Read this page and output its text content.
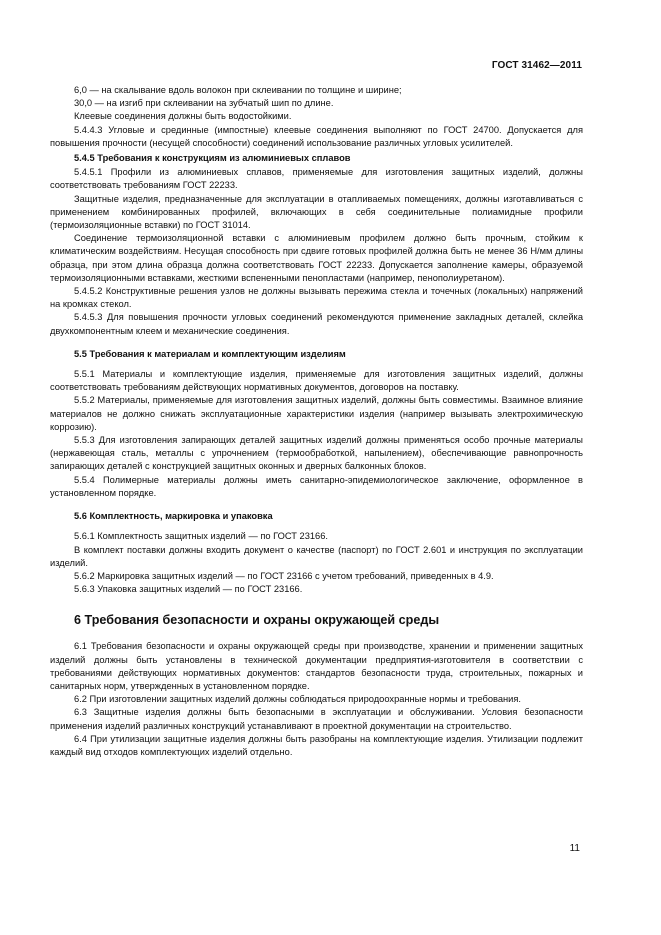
ГОСТ 31462—2011

6,0 — на скалывание вдоль волокон при склеивании по толщине и ширине;

30,0 — на изгиб при склеивании на зубчатый шип по длине.

Клеевые соединения должны быть водостойкими.

5.4.4.3 Угловые и срединные (импостные) клеевые соединения выполняют по ГОСТ 24700. Допускается для повышения прочности (несущей способности) соединений использование различных угловых усилителей.

5.4.5 Требования к конструкциям из алюминиевых сплавов

5.4.5.1 Профили из алюминиевых сплавов, применяемые для изготовления защитных изделий, должны соответствовать требованиям ГОСТ 22233.

Защитные изделия, предназначенные для эксплуатации в отапливаемых помещениях, должны изготавливаться с применением комбинированных профилей, включающих в себя соединительные полиамидные профили (термоизоляционные вставки) по ГОСТ 31014.

Соединение термоизоляционной вставки с алюминиевым профилем должно быть прочным, стойким к климатическим воздействиям. Несущая способность при сдвиге готовых профилей должна быть не менее 36 Н/мм длины образца, при этом длина образца должна соответствовать ГОСТ 22233. Допускается заполнение камеры, образуемой термоизоляционными вставками, жесткими вспененными пенопластами (например, пенополиуретаном).

5.4.5.2 Конструктивные решения узлов не должны вызывать пережима стекла и точечных (локальных) напряжений на кромках стекол.

5.4.5.3 Для повышения прочности угловых соединений рекомендуются применение закладных деталей, склейка двухкомпонентным клеем и механические соединения.

5.5 Требования к материалам и комплектующим изделиям

5.5.1 Материалы и комплектующие изделия, применяемые для изготовления защитных изделий, должны соответствовать требованиям действующих нормативных документов, договоров на поставку.

5.5.2 Материалы, применяемые для изготовления защитных изделий, должны быть совместимы. Взаимное влияние материалов не должно снижать эксплуатационные характеристики изделия (например вызывать электрохимическую коррозию).

5.5.3 Для изготовления запирающих деталей защитных изделий должны применяться особо прочные материалы (нержавеющая сталь, металлы с упрочнением (термообработкой, напылением), обеспечивающие равнопрочность запирающих деталей с конструкцией защитных оконных и дверных балконных блоков.

5.5.4 Полимерные материалы должны иметь санитарно-эпидемиологическое заключение, оформленное в установленном порядке.

5.6 Комплектность, маркировка и упаковка

5.6.1 Комплектность защитных изделий — по ГОСТ 23166.

В комплект поставки должны входить документ о качестве (паспорт) по ГОСТ 2.601 и инструкция по эксплуатации изделий.

5.6.2 Маркировка защитных изделий — по ГОСТ 23166 с учетом требований, приведенных в 4.9.

5.6.3 Упаковка защитных изделий — по ГОСТ 23166.

6 Требования безопасности и охраны окружающей среды

6.1 Требования безопасности и охраны окружающей среды при производстве, хранении и применении защитных изделий должны быть установлены в технической документации предприятия-изготовителя в соответствии с требованиями действующих нормативных документов: стандартов безопасности труда, строительных, пожарных и санитарных норм, утвержденных в установленном порядке.

6.2 При изготовлении защитных изделий должны соблюдаться природоохранные нормы и требования.

6.3 Защитные изделия должны быть безопасными в эксплуатации и обслуживании. Условия безопасности применения изделий различных конструкций устанавливают в проектной документации на строительство.

6.4 При утилизации защитные изделия должны быть разобраны на комплектующие изделия. Утилизации подлежит каждый вид отходов комплектующих изделий отдельно.

11
